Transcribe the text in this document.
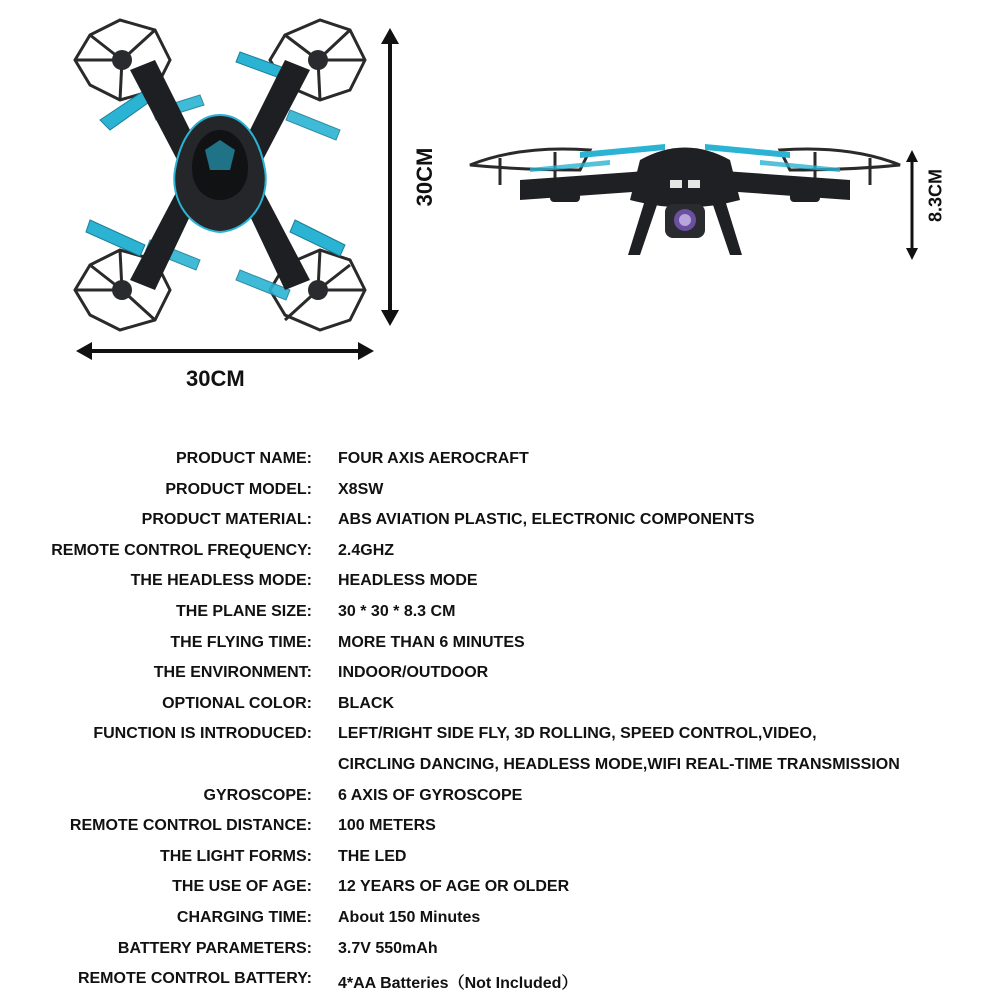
30CM
30CM	8.3CM
PRODUCT NAME: FOUR AXIS AEROCRAFT
PRODUCT MODEL: X8SW
PRODUCT MATERIAL: ABS AVIATION PLASTIC, ELECTRONIC COMPONENTS
REMOTE CONTROL FREQUENCY: 2.4GHZ
THE HEADLESS MODE: HEADLESS MODE
THE PLANE SIZE: 30 * 30 * 8.3 CM
THE FLYING TIME: MORE THAN 6 MINUTES
THE ENVIRONMENT: INDOOR/OUTDOOR
OPTIONAL COLOR: BLACK
FUNCTION IS INTRODUCED: LEFT/RIGHT SIDE FLY, 3D ROLLING, SPEED CONTROL,VIDEO,
CIRCLING DANCING, HEADLESS MODE,WIFI REAL-TIME TRANSMISSION
GYROSCOPE: 6 AXIS OF GYROSCOPE
REMOTE CONTROL DISTANCE: 100 METERS
THE LIGHT FORMS: THE LED
THE USE OF AGE: 12 YEARS OF AGE OR OLDER
CHARGING TIME: About 150 Minutes
BATTERY PARAMETERS: 3.7V 550mAh
REMOTE CONTROL BATTERY: 4*AA Batteries（Not Included）
